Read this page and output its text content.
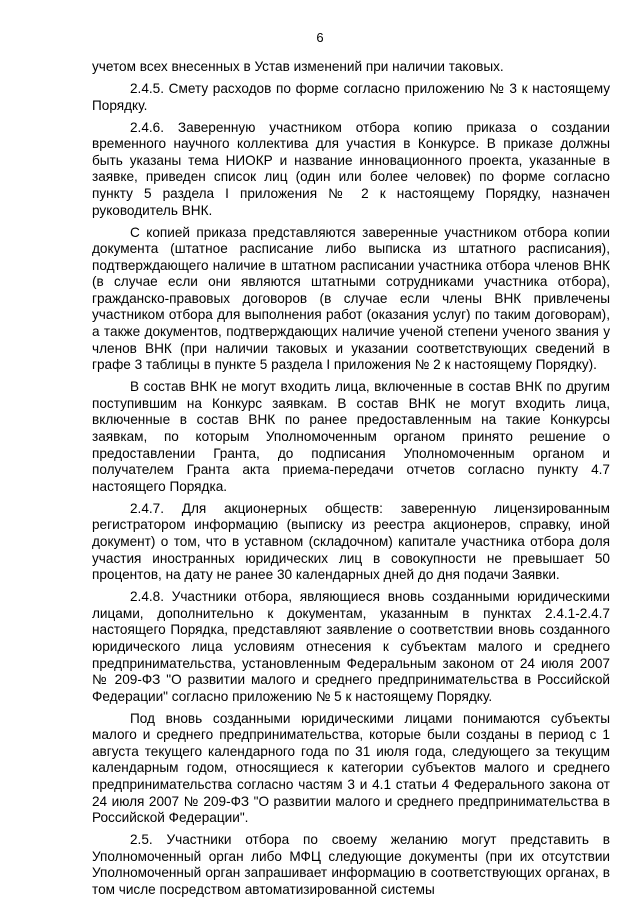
6

учетом всех внесенных в Устав изменений при наличии таковых.

2.4.5. Смету расходов по форме согласно приложению № 3 к настоящему Порядку.

2.4.6. Заверенную участником отбора копию приказа о создании временного научного коллектива для участия в Конкурсе. В приказе должны быть указаны тема НИОКР и название инновационного проекта, указанные в заявке, приведен список лиц (один или более человек) по форме согласно пункту 5 раздела I приложения № 2 к настоящему Порядку, назначен руководитель ВНК.

С копией приказа представляются заверенные участником отбора копии документа (штатное расписание либо выписка из штатного расписания), подтверждающего наличие в штатном расписании участника отбора членов ВНК (в случае если они являются штатными сотрудниками участника отбора), гражданско-правовых договоров (в случае если члены ВНК привлечены участником отбора для выполнения работ (оказания услуг) по таким договорам), а также документов, подтверждающих наличие ученой степени ученого звания у членов ВНК (при наличии таковых и указании соответствующих сведений в графе 3 таблицы в пункте 5 раздела I приложения № 2 к настоящему Порядку).

В состав ВНК не могут входить лица, включенные в состав ВНК по другим поступившим на Конкурс заявкам. В состав ВНК не могут входить лица, включенные в состав ВНК по ранее предоставленным на такие Конкурсы заявкам, по которым Уполномоченным органом принято решение о предоставлении Гранта, до подписания Уполномоченным органом и получателем Гранта акта приема-передачи отчетов согласно пункту 4.7 настоящего Порядка.

2.4.7. Для акционерных обществ: заверенную лицензированным регистратором информацию (выписку из реестра акционеров, справку, иной документ) о том, что в уставном (складочном) капитале участника отбора доля участия иностранных юридических лиц в совокупности не превышает 50 процентов, на дату не ранее 30 календарных дней до дня подачи Заявки.

2.4.8. Участники отбора, являющиеся вновь созданными юридическими лицами, дополнительно к документам, указанным в пунктах 2.4.1-2.4.7 настоящего Порядка, представляют заявление о соответствии вновь созданного юридического лица условиям отнесения к субъектам малого и среднего предпринимательства, установленным Федеральным законом от 24 июля 2007 № 209-ФЗ "О развитии малого и среднего предпринимательства в Российской Федерации" согласно приложению № 5 к настоящему Порядку.

Под вновь созданными юридическими лицами понимаются субъекты малого и среднего предпринимательства, которые были созданы в период с 1 августа текущего календарного года по 31 июля года, следующего за текущим календарным годом, относящиеся к категории субъектов малого и среднего предпринимательства согласно частям 3 и 4.1 статьи 4 Федерального закона от 24 июля 2007 № 209-ФЗ "О развитии малого и среднего предпринимательства в Российской Федерации".

2.5. Участники отбора по своему желанию могут представить в Уполномоченный орган либо МФЦ следующие документы (при их отсутствии Уполномоченный орган запрашивает информацию в соответствующих органах, в том числе посредством автоматизированной системы
